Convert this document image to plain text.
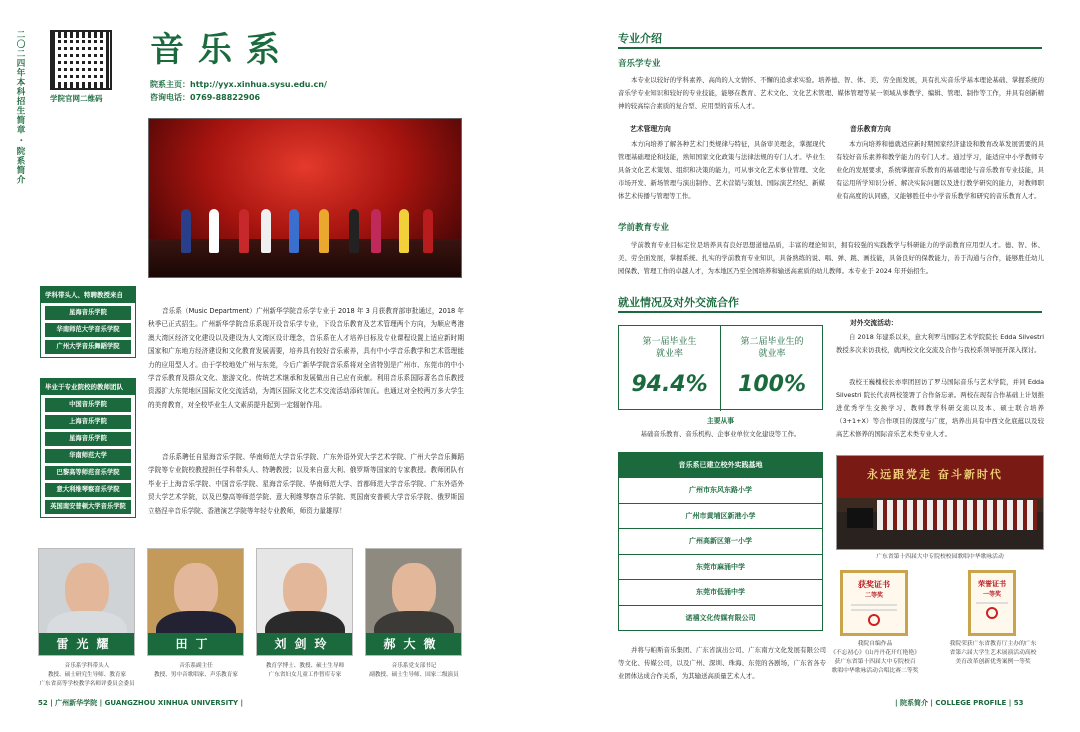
二〇二四年本科招生简章 · 院系简介	学院官网二维码
音乐系
院系主页：http://yyx.xinhua.sysu.edu.cn/
咨询电话：0769-88822906
学科带头人、特聘教授来自
星海音乐学院
华南师范大学音乐学院
广州大学音乐舞蹈学院
毕业于专业院校的教师团队
中国音乐学院
上海音乐学院
星海音乐学院
华南师范大学
巴黎高等师范音乐学院
意大利维琴察音乐学院
英国南安普顿大学音乐学院
音乐系（Music Department）广州新华学院音乐学专业于 2018 年 3 月获教育部审批通过，2018 年秋季已正式招生。广州新华学院音乐系现开设音乐学专业，下设音乐教育及艺术管理两个方向，为顺应粤港澳大湾区经济文化建设以及建设为人文湾区设计理念，音乐系在人才培养目标及专业课程设置上适应新时期国家和广东地方经济建设和文化教育发展需要，培养具有较好音乐素养，具有中小学音乐教学和艺术管理能力的应用型人才。由于学校地处广州与东莞，今后广新华学院音乐系将对全省特别是广州市、东莞市的中小学音乐教育及群众文化、旅游文化、传统艺术继承和发展做出自己应有贡献。利用音乐系国际著名音乐教授资源扩大东莞地区国际文化交流活动，为湾区国际文化艺术交流活动添砖加瓦。也通过对全校两万多大学生的美育教育，对全校毕业生人文素质提升起到一定辐射作用。
音乐系聘任自星海音乐学院、华南师范大学音乐学院、广东外语外贸大学艺术学院、广州大学音乐舞蹈学院等专业院校教授担任学科带头人、特聘教授；以及来自意大利、俄罗斯等国家的专家教授。教师团队有毕业于上海音乐学院、中国音乐学院、星海音乐学院、华南师范大学、首都师范大学音乐学院、广东外语外贸大学艺术学院，以及巴黎高等师范学院、意大利维琴察音乐学院、英国南安普顿大学音乐学院、俄罗斯国立格涅辛音乐学院、香港演艺学院等年轻专业教师，师资力量雄厚！
雷光耀	田丁	刘剑玲	郝大微
音乐系学科带头人
教授、硕士研究生导师、教育家
广东省高等学校教学名师评委员会委员
音乐系副主任
教授、男中音歌唱家、声乐教育家
教育学博士、教授、硕士生导师
广东省妇女儿童工作智库专家
音乐系党支部书记
副教授、硕士生导师、国家二级演员
52 | 广州新华学院 | GUANGZHOU XINHUA UNIVERSITY |
专业介绍
音乐学专业
本专业以较好的学科素养、高尚的人文情怀、不懈的追求求实验。培养德、智、体、美、劳全面发展，具有扎实音乐学基本理论基础、掌握系统的音乐学专业知识和较好的专业技能，能够在教育、艺术文化、文化艺术管理、媒体管理等某一领域从事教学、编辑、管理、制作等工作，并具有创新精神的较高综合素质的复合型、应用型的音乐人才。
艺术管理方向
本方向培养了解各种艺术门类规律与特征，具备审美理念，掌握现代管理基础理论和技能，熟知国家文化政策与法律法规的专门人才。毕业生具备文化艺术策划、组织和决策的能力，可从事文化艺术事业管理、文化市场开发、新场管理与演出制作、艺术营销与策划、国际演艺经纪、新媒体艺术传播与管理等工作。
音乐教育方向
本方向培养和德就适应新时期国家经济建设和教育改革发展需要的具有较好音乐素养和教学能力的专门人才。通过学习，能适应中小学教师专业化的发展要求，系统掌握音乐教育的基础理论与音乐教育专业技能，具有运用所学知识分析、解决实际问题以及进行教学研究的能力，对教师职业有高度的认同感，又能够胜任中小学音乐教学和研究的音乐教育人才。
学前教育专业
学前教育专业目标定位是培养具有良好思想道德品质，丰富的理论知识，拥有较强的实践教学与科研能力的学前教育应用型人才。德、智、体、美、劳全面发展，掌握系统、扎实的学前教育专业知识，具备熟练的说、唱、弹、跳、画技能，具备良好的保教能力，善于沟通与合作，能够胜任幼儿园保教、管理工作的卓越人才，为本地区乃至全国培养和输送高素质的幼儿教师。本专业于 2024 年开始招生。
就业情况及对外交流合作
第一届毕业生
就业率
94.4%
第二届毕业生的
就业率
100%
主要从事
基础音乐教育、音乐机构、企事业单位文化建设等工作。
对外交流活动：
自 2018 年建系以来，意大利罗马国际艺术学院院长 Edda Silvestri 教授多次来访我校，就两校文化交流及合作与我校系领导展开深入探讨。
我校王巍槐校长亦率团回访了罗马国际音乐与艺术学院，并同 Edda Silvestri 院长代表两校签署了合作备忘录。两校在现有合作基础上计划推进优秀学生交换学习、教师教学科研交流以及本、硕士联合培养（3+1+X）等合作项目的深度与广度，培养出具有中西文化底蕴以及较高艺术修养的国际音乐艺术类专业人才。
音乐系已建立校外实践基地
广州市东风东路小学
广州市黄埔区新港小学
广州高新区第一小学
东莞市麻涌中学
东莞市低涌中学
诺禧文化传媒有限公司
永远跟党走 奋斗新时代
广东省第十四届大中专院校校园歌唱中华歌咏活动
获奖证书
二等奖
荣誉证书
一等奖
我院自编作品
《不忘初心》《山丹丹花开红艳艳》
获广东省第十四届大中专院校百
歌唱中华歌咏活动合唱比赛二等奖
我院荣获广东省教育厅主办的广东
省第六届大学生艺术展演活动高校
美育改革创新优秀案例一等奖
并将与帕斯音乐集团、广东省演出公司、广东南方文化发展有限公司等文化、传媒公司，以及广州、深圳、珠海、东莞的各剧场，广东省各专业团体达成合作关系，为其输送高质量艺术人才。
| 院系简介 | COLLEGE PROFILE | 53
